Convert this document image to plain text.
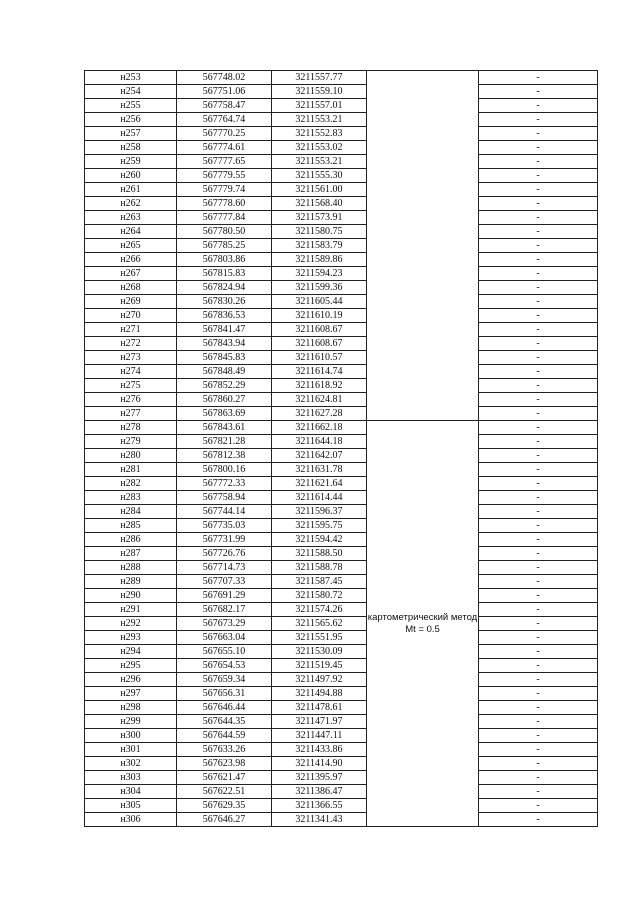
н253	567748.02	3211557.77		-
н254	567751.06	3211559.10		-
н255	567758.47	3211557.01		-
н256	567764.74	3211553.21		-
н257	567770.25	3211552.83		-
н258	567774.61	3211553.02		-
н259	567777.65	3211553.21		-
н260	567779.55	3211555.30		-
н261	567779.74	3211561.00		-
н262	567778.60	3211568.40		-
н263	567777.84	3211573.91		-
н264	567780.50	3211580.75		-
н265	567785.25	3211583.79		-
н266	567803.86	3211589.86		-
н267	567815.83	3211594.23		-
н268	567824.94	3211599.36		-
н269	567830.26	3211605.44		-
н270	567836.53	3211610.19		-
н271	567841.47	3211608.67		-
н272	567843.94	3211608.67		-
н273	567845.83	3211610.57		-
н274	567848.49	3211614.74		-
н275	567852.29	3211618.92		-
н276	567860.27	3211624.81		-
н277	567863.69	3211627.28		-
н278	567843.61	3211662.18	картометрический метод Mt = 0.5	-
н279	567821.28	3211644.18		-
н280	567812.38	3211642.07		-
н281	567800.16	3211631.78		-
н282	567772.33	3211621.64		-
н283	567758.94	3211614.44		-
н284	567744.14	3211596.37		-
н285	567735.03	3211595.75		-
н286	567731.99	3211594.42		-
н287	567726.76	3211588.50		-
н288	567714.73	3211588.78		-
н289	567707.33	3211587.45		-
н290	567691.29	3211580.72		-
н291	567682.17	3211574.26		-
н292	567673.29	3211565.62		-
н293	567663.04	3211551.95		-
н294	567655.10	3211530.09		-
н295	567654.53	3211519.45		-
н296	567659.34	3211497.92		-
н297	567656.31	3211494.88		-
н298	567646.44	3211478.61		-
н299	567644.35	3211471.97		-
н300	567644.59	3211447.11		-
н301	567633.26	3211433.86		-
н302	567623.98	3211414.90		-
н303	567621.47	3211395.97		-
н304	567622.51	3211386.47		-
н305	567629.35	3211366.55		-
н306	567646.27	3211341.43		-
